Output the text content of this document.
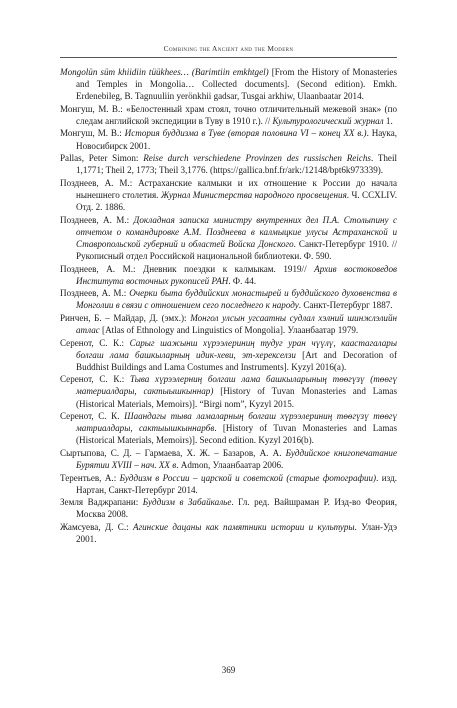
Combining the Ancient and the Modern

Mongolün süm khiidiin tüükhees… (Barimtiin emkhtgel) [From the History of Monasteries and Temples in Mongolia… Collected documents]. (Second edition). Emkh. Erdenebileg, B. Tagnuuliin yerönkhii gadsar, Tusgai arkhiw, Ulaanbaatar 2014.

Монгуш, М. В.: «Белостенный храм стоял, точно отличительный межевой знак» (по следам английской экспедиции в Туву в 1910 г.). // Культурологический журнал 1.

Монгуш, М. В.: История буддизма в Туве (вторая половина VI – конец XX в.). Наука, Новосибирск 2001.

Pallas, Peter Simon: Reise durch verschiedene Provinzen des russischen Reichs. Theil 1,1771; Theil 2, 1773; Theil 3,1776. (https://gallica.bnf.fr/ark:/12148/bpt6k973339).

Позднеев, А. М.: Астраханские калмыки и их отношение к России до начала нынешнего столетия. Журнал Министерства народного просвещения. Ч. CCXLIV. Отд. 2. 1886.

Позднеев, А. М.: Докладная записка министру внутренних дел П.А. Столыпину с отчетом о командировке А.М. Позднеева в калмыцкие улусы Астраханской и Ставропольской губерний и областей Войска Донского. Санкт-Петербург 1910. // Рукописный отдел Российской национальной библиотеки. Ф. 590.

Позднеев, А. М.: Дневник поездки к калмыкам. 1919// Архив востоковедов Института восточных рукописей РАН. Ф. 44.

Позднеев, А. М.: Очерки быта буддийских монастырей и буддийского духовенства в Монголии в связи с отношением сего последнего к народу. Санкт-Петербург 1887.

Ринчен, Б. – Майдар, Д. (эмх.): Монгол улсын угсаатны судлал хэлний шинжлэлийн атлас [Atlas of Ethnology and Linguistics of Mongolia]. Улаанбаатар 1979.

Серенот, С. К.: Сарыг шажынш хүрээлериниң тудуг уран чүүлү, каастагалары болгаш лама башкыларның идик-хеви, эт-херекселзи [Art and Decoration of Buddhist Buildings and Lama Costumes and Instruments]. Kyzyl 2016(a).

Серенот, С. К.: Тыва хүрээлерниң болгаш лама башкыларының төөгүзү (төөгү материалдары, сактыышкыннар) [History of Tuvan Monasteries and Lamas (Historical Materials, Memoirs)]. “Birgi nom”, Kyzyl 2015.

Серенот, С. К. Шаандагы тыва ламаларның болгаш хүрээлериниң төөгүзү төөгү матриалдары, сактыышкыннарбв. [History of Tuvan Monasteries and Lamas (Historical Materials, Memoirs)]. Second edition. Kyzyl 2016(b).

Сыртыпова, С. Д. – Гармаева, Х. Ж. – Базаров, А. А. Буддийское книгопечатание Бурятии XVIII – нач. XX в. Admon, Улаанбаатар 2006.

Терентьев, А.: Буддизм в России – царской и советской (старые фотографии). изд. Нартан, Санкт-Петербург 2014.

Земля Ваджрапани: Буддизм в Забайкалье. Гл. ред. Вайшраман Р. Изд-во Феория, Москва 2008.

Жамсуева, Д. С.: Агинские дацаны как памятники истории и культуры. Улан-Удэ 2001.

369
